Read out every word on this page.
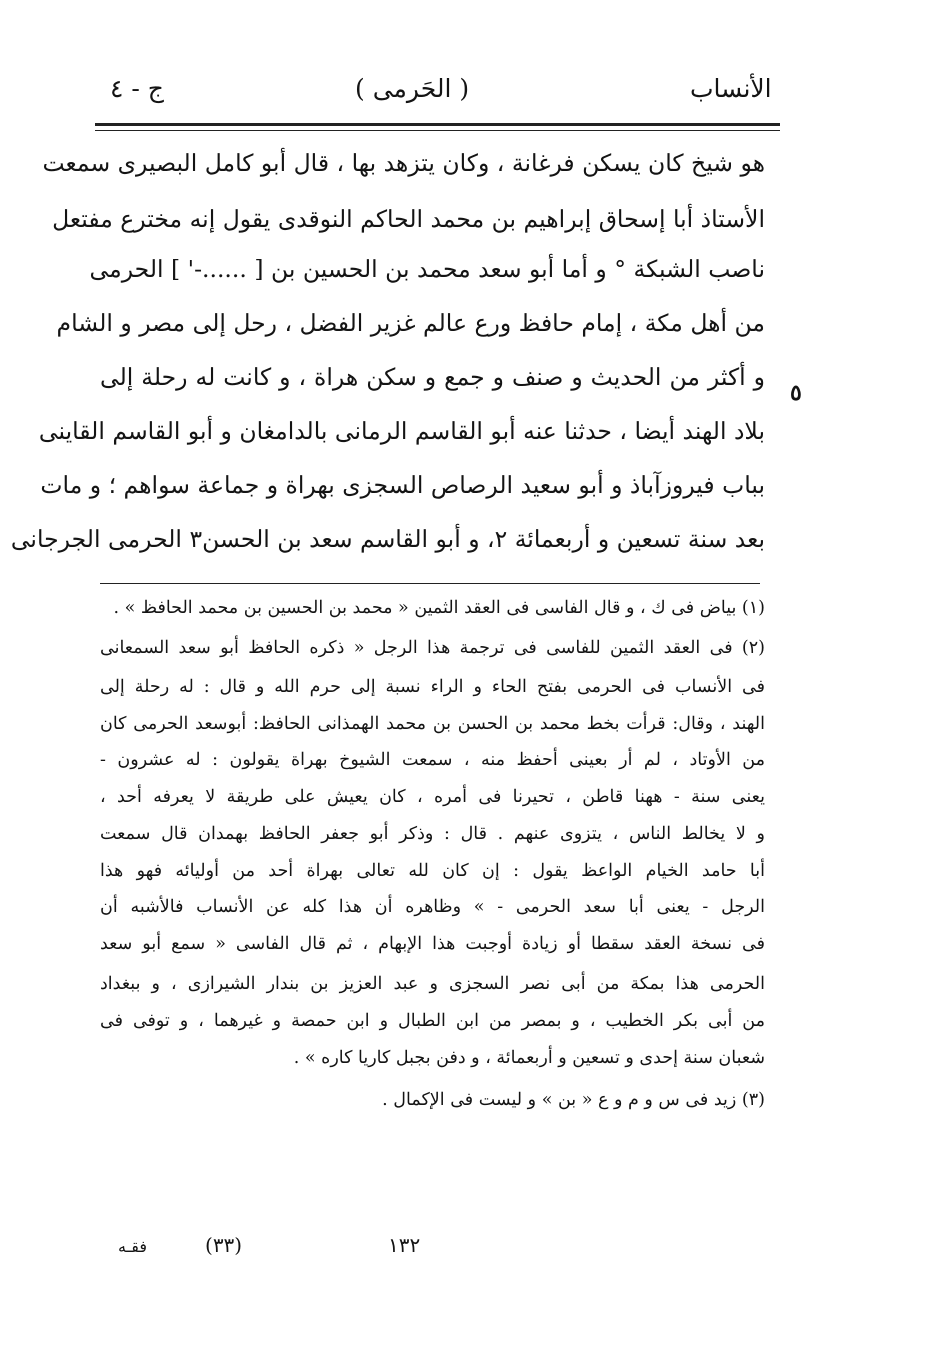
الأنساب
( الحَرمى )
ج - ٤
٥
هو شيخ كان يسكن فرغانة ، وكان يتزهد بها ، قال أبو كامل البصيرى سمعت
الأستاذ أبا إسحاق إبراهيم بن محمد الحاكم النوقدى يقول إنه مخترع مفتعل
ناصب الشبكة ° و أما أبو سعد محمد بن الحسين بن [ ......-' ] الحرمى
من أهل مكة ، إمام حافظ ورع عالم غزير الفضل ، رحل إلى مصر و الشام
و أكثر من الحديث و صنف و جمع و سكن هراة ، و كانت له رحلة إلى
بلاد الهند أيضا ، حدثنا عنه أبو القاسم الرمانى بالدامغان و أبو القاسم القاينى
بباب فيروزآباذ و أبو سعيد الرصاص السجزى بهراة و جماعة سواهم ؛ و مات
بعد سنة تسعين و أربعمائة ٢، و أبو القاسم سعد بن الحسن٣ الحرمى الجرجانى
(١) بياض فى ك ، و قال الفاسى فى العقد الثمين « محمد بن الحسين بن محمد الحافظ » .
(٢) فى العقد الثمين للفاسى فى ترجمة هذا الرجل « ذكره الحافظ أبو سعد السمعانى
فى الأنساب فى الحرمى بفتح الحاء و الراء نسبة إلى حرم الله و قال : له رحلة إلى
الهند ، وقال: قرأت بخط محمد بن الحسن بن محمد الهمذانى الحافظ: أبوسعد الحرمى كان
من الأوتاد ، لم أر بعينى أحفظ منه ، سمعت الشيوخ بهراة يقولون : له عشرون -
يعنى سنة - ههنا قاطن ، تحيرنا فى أمره ، كان يعيش على طريقة لا يعرفه أحد ،
و لا يخالط الناس ، يتزوى عنهم . قال : وذكر أبو جعفر الحافظ بهمدان قال سمعت
أبا حامد الخيام الواعظ يقول : إن كان لله تعالى بهراة أحد من أوليائه فهو هذا
الرجل - يعنى أبا سعد الحرمى - » وظاهره أن هذا كله عن الأنساب فالأشبه أن
فى نسخة العقد سقطا أو زيادة أوجبت هذا الإبهام ، ثم قال الفاسى « سمع أبو سعد
الحرمى هذا بمكة من أبى نصر السجزى و عبد العزيز بن بندار الشيرازى ، و ببغداد
من أبى بكر الخطيب ، و بمصر من ابن الطبال و ابن حمصة و غيرهما ، و توفى فى
شعبان سنة إحدى و تسعين و أربعمائة ، و دفن بجبل كاريا كاره » .
(٣) زيد فى س و م و ع « بن » و ليست فى الإكمال .
١٣٢
(٣٣)
فقـه
